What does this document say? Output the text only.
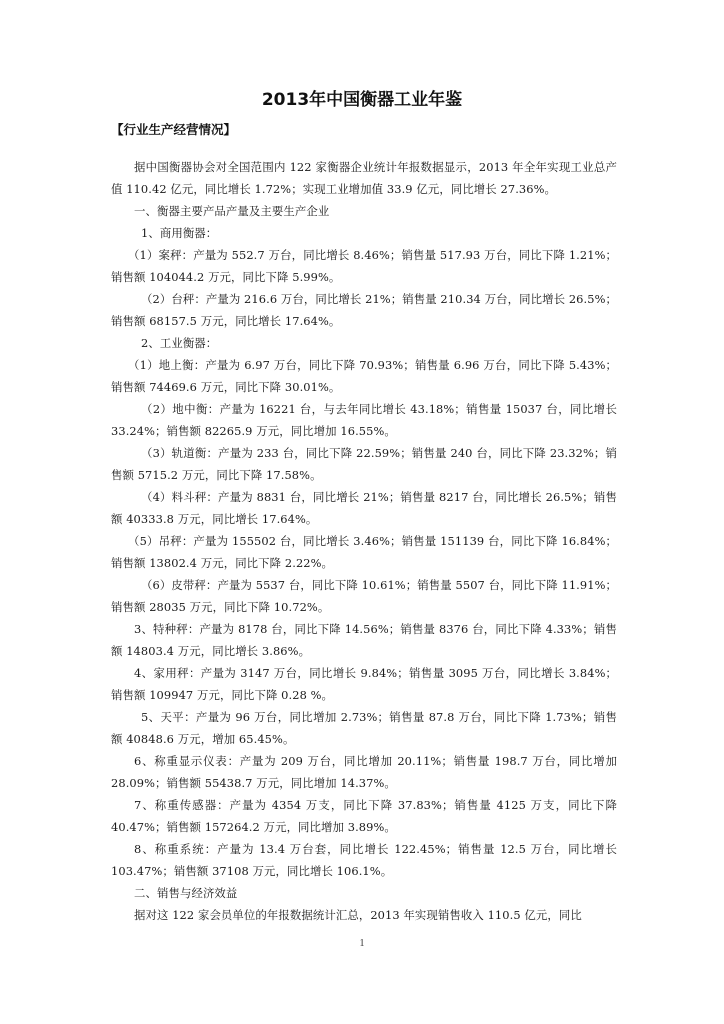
2013年中国衡器工业年鉴
【行业生产经营情况】

据中国衡器协会对全国范围内 122 家衡器企业统计年报数据显示，2013 年全年实现工业总产值 110.42 亿元，同比增长 1.72%；实现工业增加值 33.9 亿元，同比增长 27.36%。

一、衡器主要产品产量及主要生产企业

1、商用衡器：

（1）案秤：产量为 552.7 万台，同比增长 8.46%；销售量 517.93 万台，同比下降 1.21%；销售额 104044.2 万元，同比下降 5.99%。

（2）台秤：产量为 216.6 万台，同比增长 21%；销售量 210.34 万台，同比增长 26.5%；销售额 68157.5 万元，同比增长 17.64%。

2、工业衡器：

（1）地上衡：产量为 6.97 万台，同比下降 70.93%；销售量 6.96 万台，同比下降 5.43%；销售额 74469.6 万元，同比下降 30.01%。

（2）地中衡：产量为 16221 台，与去年同比增长 43.18%；销售量 15037 台，同比增长 33.24%；销售额 82265.9 万元，同比增加 16.55%。

（3）轨道衡：产量为 233 台，同比下降 22.59%；销售量 240 台，同比下降 23.32%；销售额 5715.2 万元，同比下降 17.58%。

（4）料斗秤：产量为 8831 台，同比增长 21%；销售量 8217 台，同比增长 26.5%；销售额 40333.8 万元，同比增长 17.64%。

（5）吊秤：产量为 155502 台，同比增长 3.46%；销售量 151139 台，同比下降 16.84%；销售额 13802.4 万元，同比下降 2.22%。

（6）皮带秤：产量为 5537 台，同比下降 10.61%；销售量 5507 台，同比下降 11.91%；销售额 28035 万元，同比下降 10.72%。

3、特种秤：产量为 8178 台，同比下降 14.56%；销售量 8376 台，同比下降 4.33%；销售额 14803.4 万元，同比增长 3.86%。

4、家用秤：产量为 3147 万台，同比增长 9.84%；销售量 3095 万台，同比增长 3.84%；销售额 109947 万元，同比下降 0.28 %。

5、天平：产量为 96 万台，同比增加 2.73%；销售量 87.8 万台，同比下降 1.73%；销售额 40848.6 万元，增加 65.45%。

6、称重显示仪表：产量为 209 万台，同比增加 20.11%；销售量 198.7 万台，同比增加 28.09%；销售额 55438.7 万元，同比增加 14.37%。

7、称重传感器：产量为 4354 万支，同比下降 37.83%；销售量 4125 万支，同比下降 40.47%；销售额 157264.2 万元，同比增加 3.89%。

8、称重系统：产量为 13.4 万台套，同比增长 122.45%；销售量 12.5 万台，同比增长 103.47%；销售额 37108 万元，同比增长 106.1%。

二、销售与经济效益

据对这 122 家会员单位的年报数据统计汇总，2013 年实现销售收入 110.5 亿元，同比

1
